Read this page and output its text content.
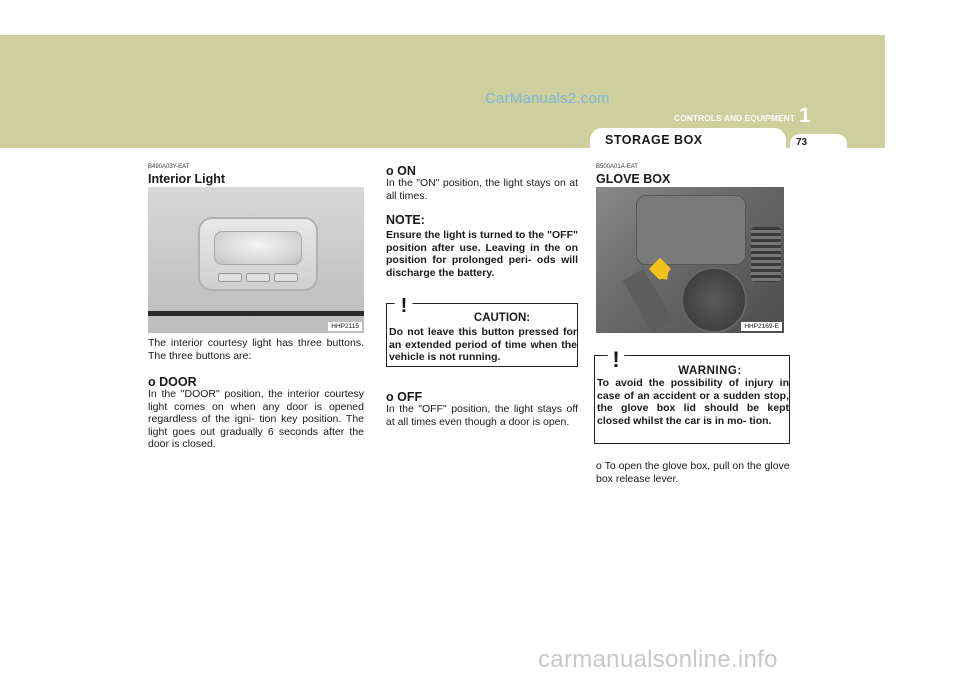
CarManuals2.com
CONTROLS AND EQUIPMENT 1
STORAGE BOX	73
B490A03Y-EAT
Interior Light
HHP2115
The interior courtesy light has three buttons. The three buttons are:
o DOOR
In the "DOOR" position, the interior courtesy light comes on when any door is opened regardless of the igni- tion key position. The light goes out gradually 6 seconds after the door is closed.
o ON
In the "ON" position, the light stays on at all times.
NOTE:
Ensure the light is turned to the "OFF" position after use. Leaving in the on position for prolonged peri- ods will discharge the battery.
!
CAUTION:
Do not leave this button pressed for an extended period of time when the vehicle is not running.
o OFF
In the "OFF" position, the light stays off at all times even though a door is open.
B500A01A-EAT
GLOVE BOX
HHP2169-E
!	WARNING:
To avoid the possibility of injury in case of an accident or a sudden stop, the glove box lid should be kept closed whilst the car is in mo- tion.
o To open the glove box, pull on the glove box release lever.
carmanualsonline.info
